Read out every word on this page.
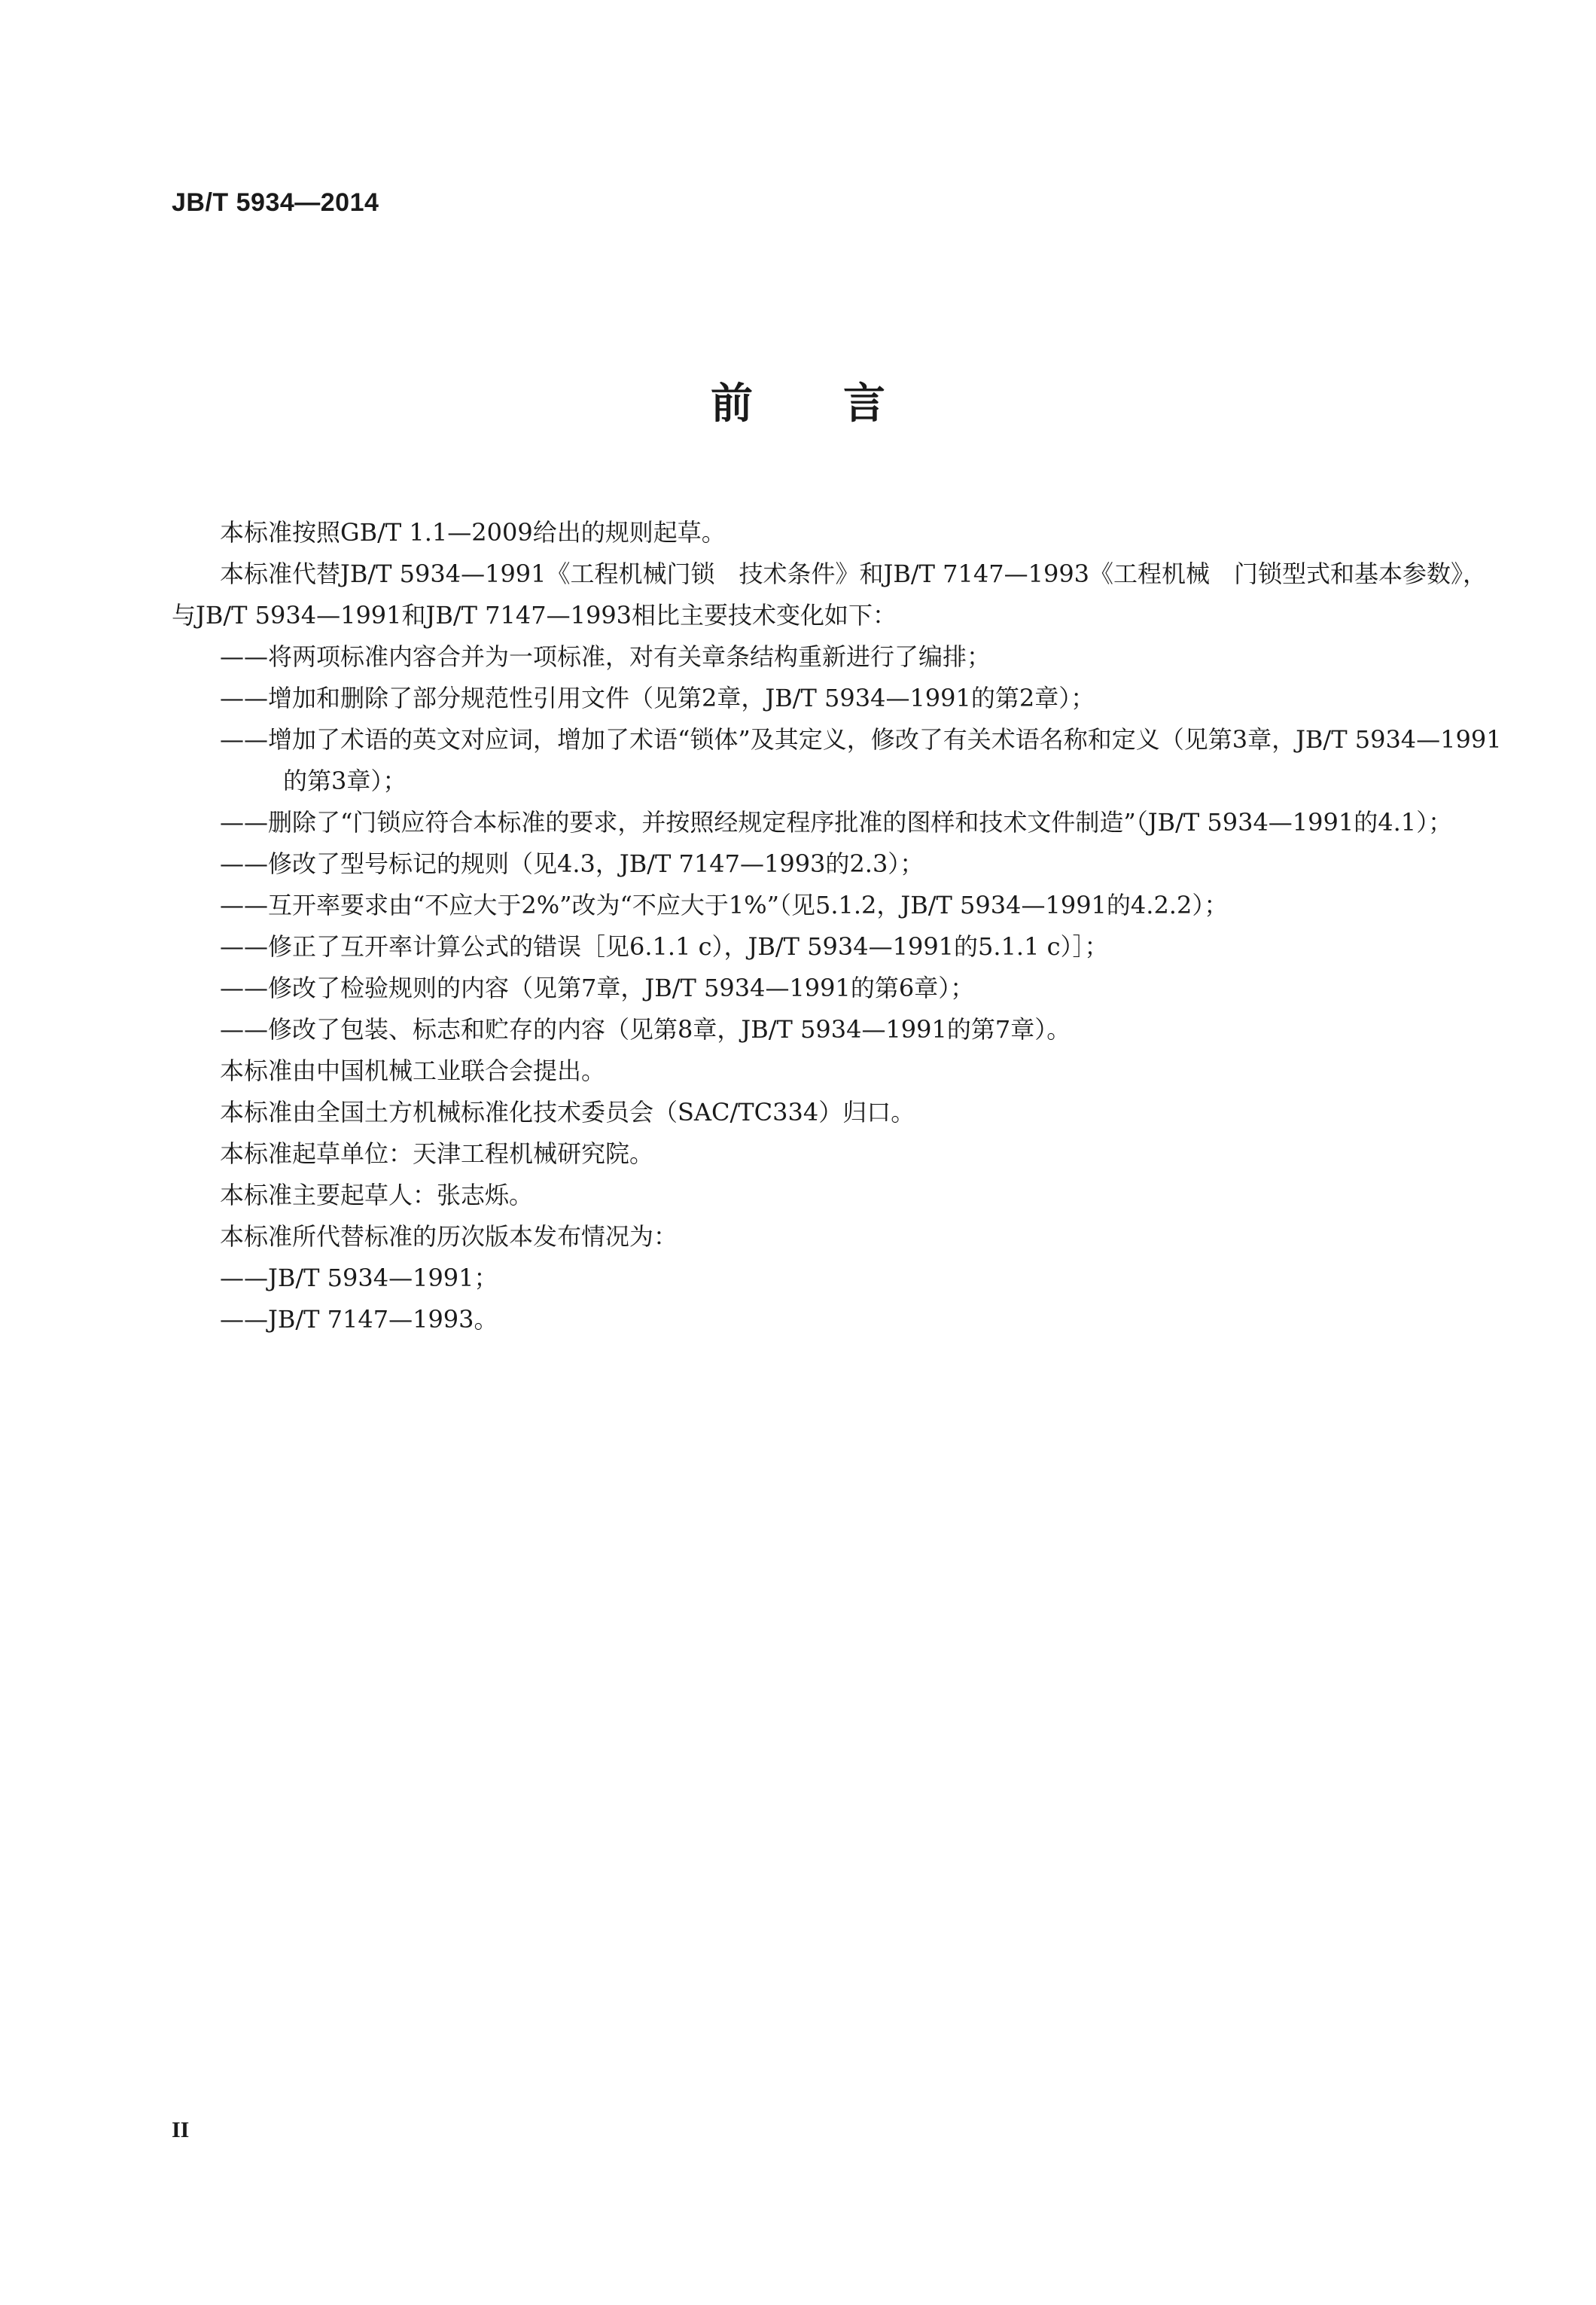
JB/T 5934—2014
前言

本标准按照GB/T 1.1—2009给出的规则起草。

本标准代替JB/T 5934—1991《工程机械门锁　技术条件》和JB/T 7147—1993《工程机械　门锁型式和基本参数》，与JB/T 5934—1991和JB/T 7147—1993相比主要技术变化如下：

——将两项标准内容合并为一项标准，对有关章条结构重新进行了编排；

——增加和删除了部分规范性引用文件（见第2章，JB/T 5934—1991的第2章）；

——增加了术语的英文对应词，增加了术语“锁体”及其定义，修改了有关术语名称和定义（见第3章，JB/T 5934—1991的第3章）；

——删除了“门锁应符合本标准的要求，并按照经规定程序批准的图样和技术文件制造”（JB/T 5934—1991的4.1）；

——修改了型号标记的规则（见4.3，JB/T 7147—1993的2.3）；

——互开率要求由“不应大于2%”改为“不应大于1%”（见5.1.2，JB/T 5934—1991的4.2.2）；

——修正了互开率计算公式的错误［见6.1.1 c），JB/T 5934—1991的5.1.1 c）］；

——修改了检验规则的内容（见第7章，JB/T 5934—1991的第6章）；

——修改了包装、标志和贮存的内容（见第8章，JB/T 5934—1991的第7章）。

本标准由中国机械工业联合会提出。

本标准由全国土方机械标准化技术委员会（SAC/TC334）归口。

本标准起草单位：天津工程机械研究院。

本标准主要起草人：张志烁。

本标准所代替标准的历次版本发布情况为：

——JB/T 5934—1991；

——JB/T 7147—1993。

II
